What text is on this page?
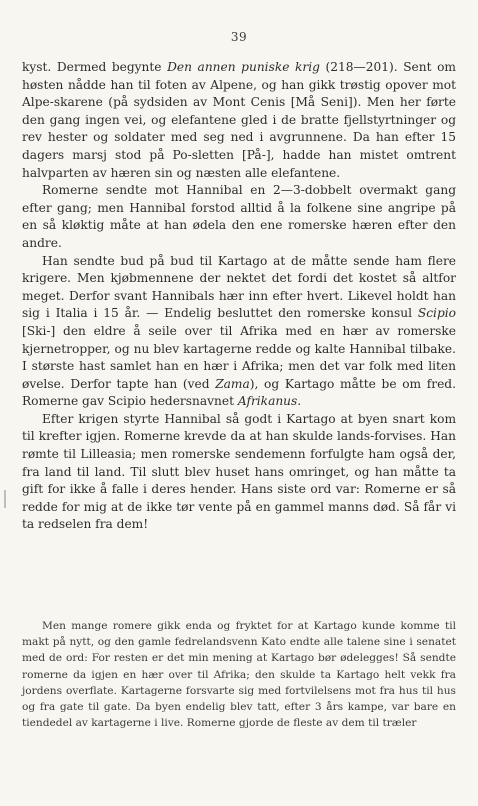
39

kyst. Dermed begynte Den annen puniske krig (218—201). Sent om høsten nådde han til foten av Alpene, og han gikk trøstig opover mot Alpe-skarene (på sydsiden av Mont Cenis [Må Seni]). Men her førte den gang ingen vei, og elefantene gled i de bratte fjellstyrtninger og rev hester og soldater med seg ned i avgrunnene. Da han efter 15 dagers marsj stod på Po-sletten [På-], hadde han mistet omtrent halvparten av hæren sin og næsten alle elefantene.

Romerne sendte mot Hannibal en 2—3-dobbelt overmakt gang efter gang; men Hannibal forstod alltid å la folkene sine angripe på en så kløktig måte at han ødela den ene romerske hæren efter den andre.

Han sendte bud på bud til Kartago at de måtte sende ham flere krigere. Men kjøbmennene der nektet det fordi det kostet så altfor meget. Derfor svant Hannibals hær inn efter hvert. Likevel holdt han sig i Italia i 15 år. — Endelig besluttet den romerske konsul Scipio [Ski-] den eldre å seile over til Afrika med en hær av romerske kjernetropper, og nu blev kartagerne redde og kalte Hannibal tilbake. I største hast samlet han en hær i Afrika; men det var folk med liten øvelse. Derfor tapte han (ved Zama), og Kartago måtte be om fred. Romerne gav Scipio hedersnavnet Afrikanus.

Efter krigen styrte Hannibal så godt i Kartago at byen snart kom til krefter igjen. Romerne krevde da at han skulde lands-forvises. Han rømte til Lilleasia; men romerske sendemenn forfulgte ham også der, fra land til land. Til slutt blev huset hans omringet, og han måtte ta gift for ikke å falle i deres hender. Hans siste ord var: Romerne er så redde for mig at de ikke tør vente på en gammel manns død. Så får vi ta redselen fra dem!

Men mange romere gikk enda og fryktet for at Kartago kunde komme til makt på nytt, og den gamle fedrelandsvenn Kato endte alle talene sine i senatet med de ord: For resten er det min mening at Kartago bør ødelegges! Så sendte romerne da igjen en hær over til Afrika; den skulde ta Kartago helt vekk fra jordens overflate. Kartagerne forsvarte sig med fortvilelsens mot fra hus til hus og fra gate til gate. Da byen endelig blev tatt, efter 3 års kampe, var bare en tiendedel av kartagerne i live. Romerne gjorde de fleste av dem til træler
